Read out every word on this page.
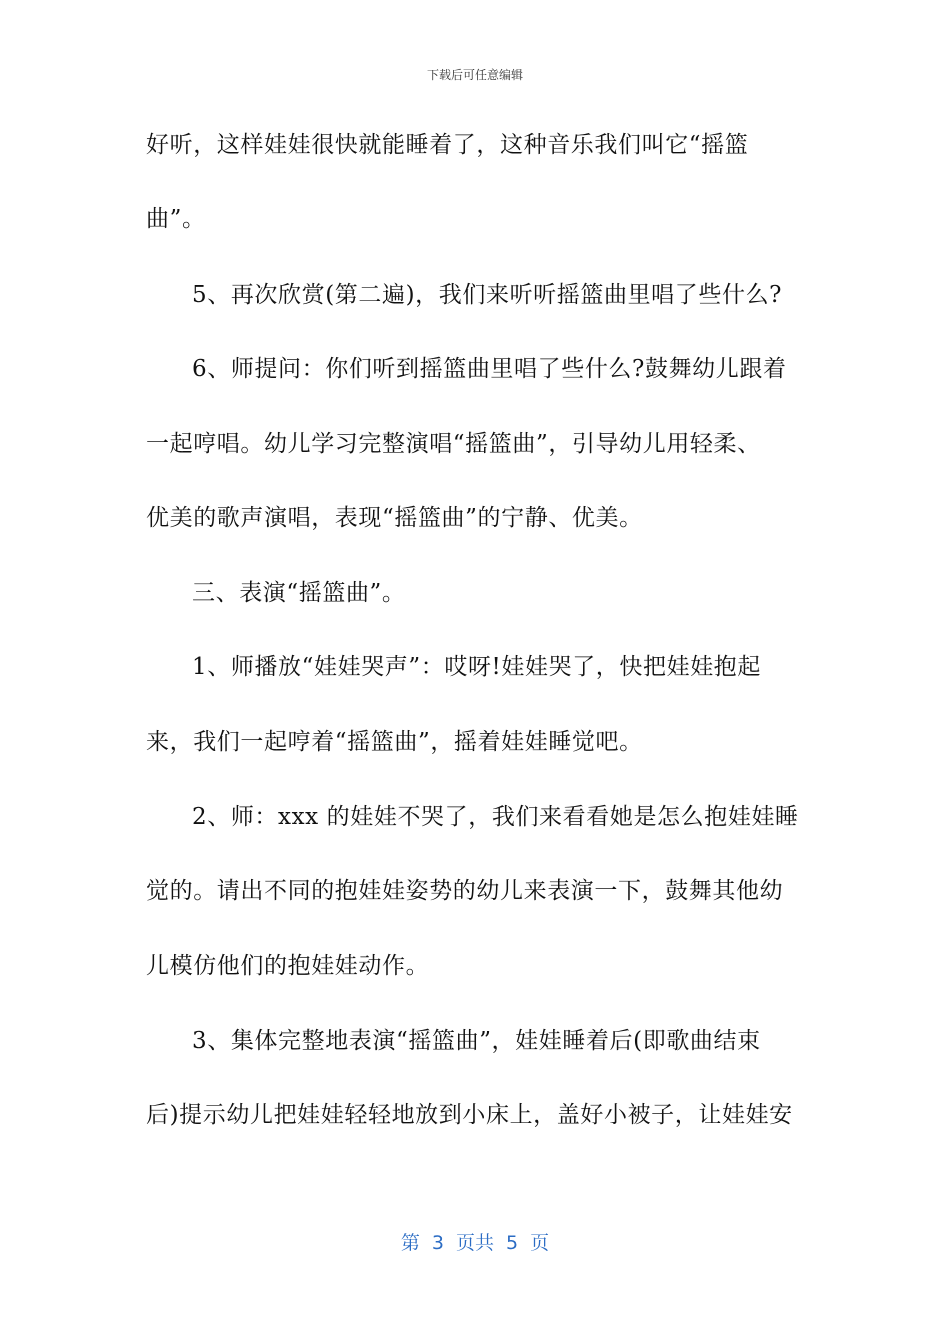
下载后可任意编辑
好听，这样娃娃很快就能睡着了，这种音乐我们叫它“摇篮
曲”。
5、再次欣赏(第二遍)，我们来听听摇篮曲里唱了些什么?
6、师提问：你们听到摇篮曲里唱了些什么?鼓舞幼儿跟着
一起哼唱。幼儿学习完整演唱“摇篮曲”，引导幼儿用轻柔、
优美的歌声演唱，表现“摇篮曲”的宁静、优美。
三、表演“摇篮曲”。
1、师播放“娃娃哭声”：哎呀!娃娃哭了，快把娃娃抱起
来，我们一起哼着“摇篮曲”，摇着娃娃睡觉吧。
2、师：xxx 的娃娃不哭了，我们来看看她是怎么抱娃娃睡
觉的。请出不同的抱娃娃姿势的幼儿来表演一下，鼓舞其他幼
儿模仿他们的抱娃娃动作。
3、集体完整地表演“摇篮曲”，娃娃睡着后(即歌曲结束
后)提示幼儿把娃娃轻轻地放到小床上，盖好小被子，让娃娃安
第 3 页共 5 页
